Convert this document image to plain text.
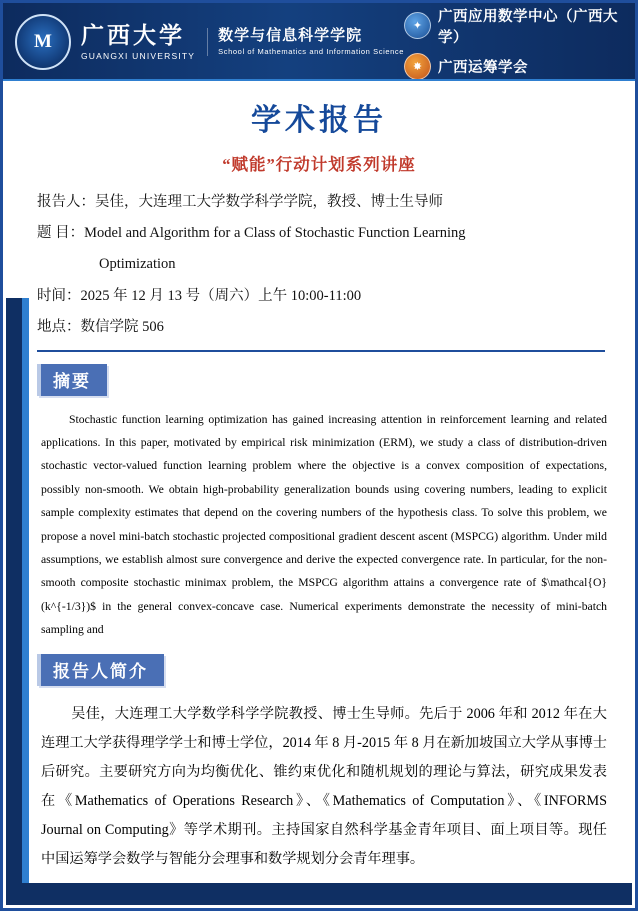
M	广西大学
GUANGXI UNIVERSITY
数学与信息科学学院
School of Mathematics and Information Science
✦
广西应用数学中心（广西大学）
✸	广西运筹学会
学术报告
“赋能”行动计划系列讲座
报告人： 吴佳，大连理工大学数学科学学院，教授、博士生导师
题 目： Model and Algorithm for a Class of Stochastic Function Learning
Optimization
时间： 2025 年 12 月 13 号（周六）上午 10:00-11:00
地点： 数信学院 506
摘要
Stochastic function learning optimization has gained increasing attention in reinforcement learning and related applications. In this paper, motivated by empirical risk minimization (ERM), we study a class of distribution-driven stochastic vector-valued function learning problem where the objective is a convex composition of expectations, possibly non-smooth. We obtain high-probability generalization bounds using covering numbers, leading to explicit sample complexity estimates that depend on the covering numbers of the hypothesis class. To solve this problem, we propose a novel mini-batch stochastic projected compositional gradient descent ascent (MSPCG) algorithm. Under mild assumptions, we establish almost sure convergence and derive the expected convergence rate. In particular, for the non-smooth composite stochastic minimax problem, the MSPCG algorithm attains a convergence rate of $\mathcal{O}(k^{-1/3})$ in the general convex-concave case. Numerical experiments demonstrate the necessity of mini-batch sampling and
报告人简介
吴佳，大连理工大学数学科学学院教授、博士生导师。先后于 2006 年和 2012 年在大连理工大学获得理学学士和博士学位，2014 年 8 月-2015 年 8 月在新加坡国立大学从事博士后研究。主要研究方向为均衡优化、锥约束优化和随机规划的理论与算法，研究成果发表在《Mathematics of Operations Research》、《Mathematics of Computation》、《INFORMS Journal on Computing》等学术期刊。主持国家自然科学基金青年项目、面上项目等。现任中国运筹学会数学与智能分会理事和数学规划分会青年理事。
